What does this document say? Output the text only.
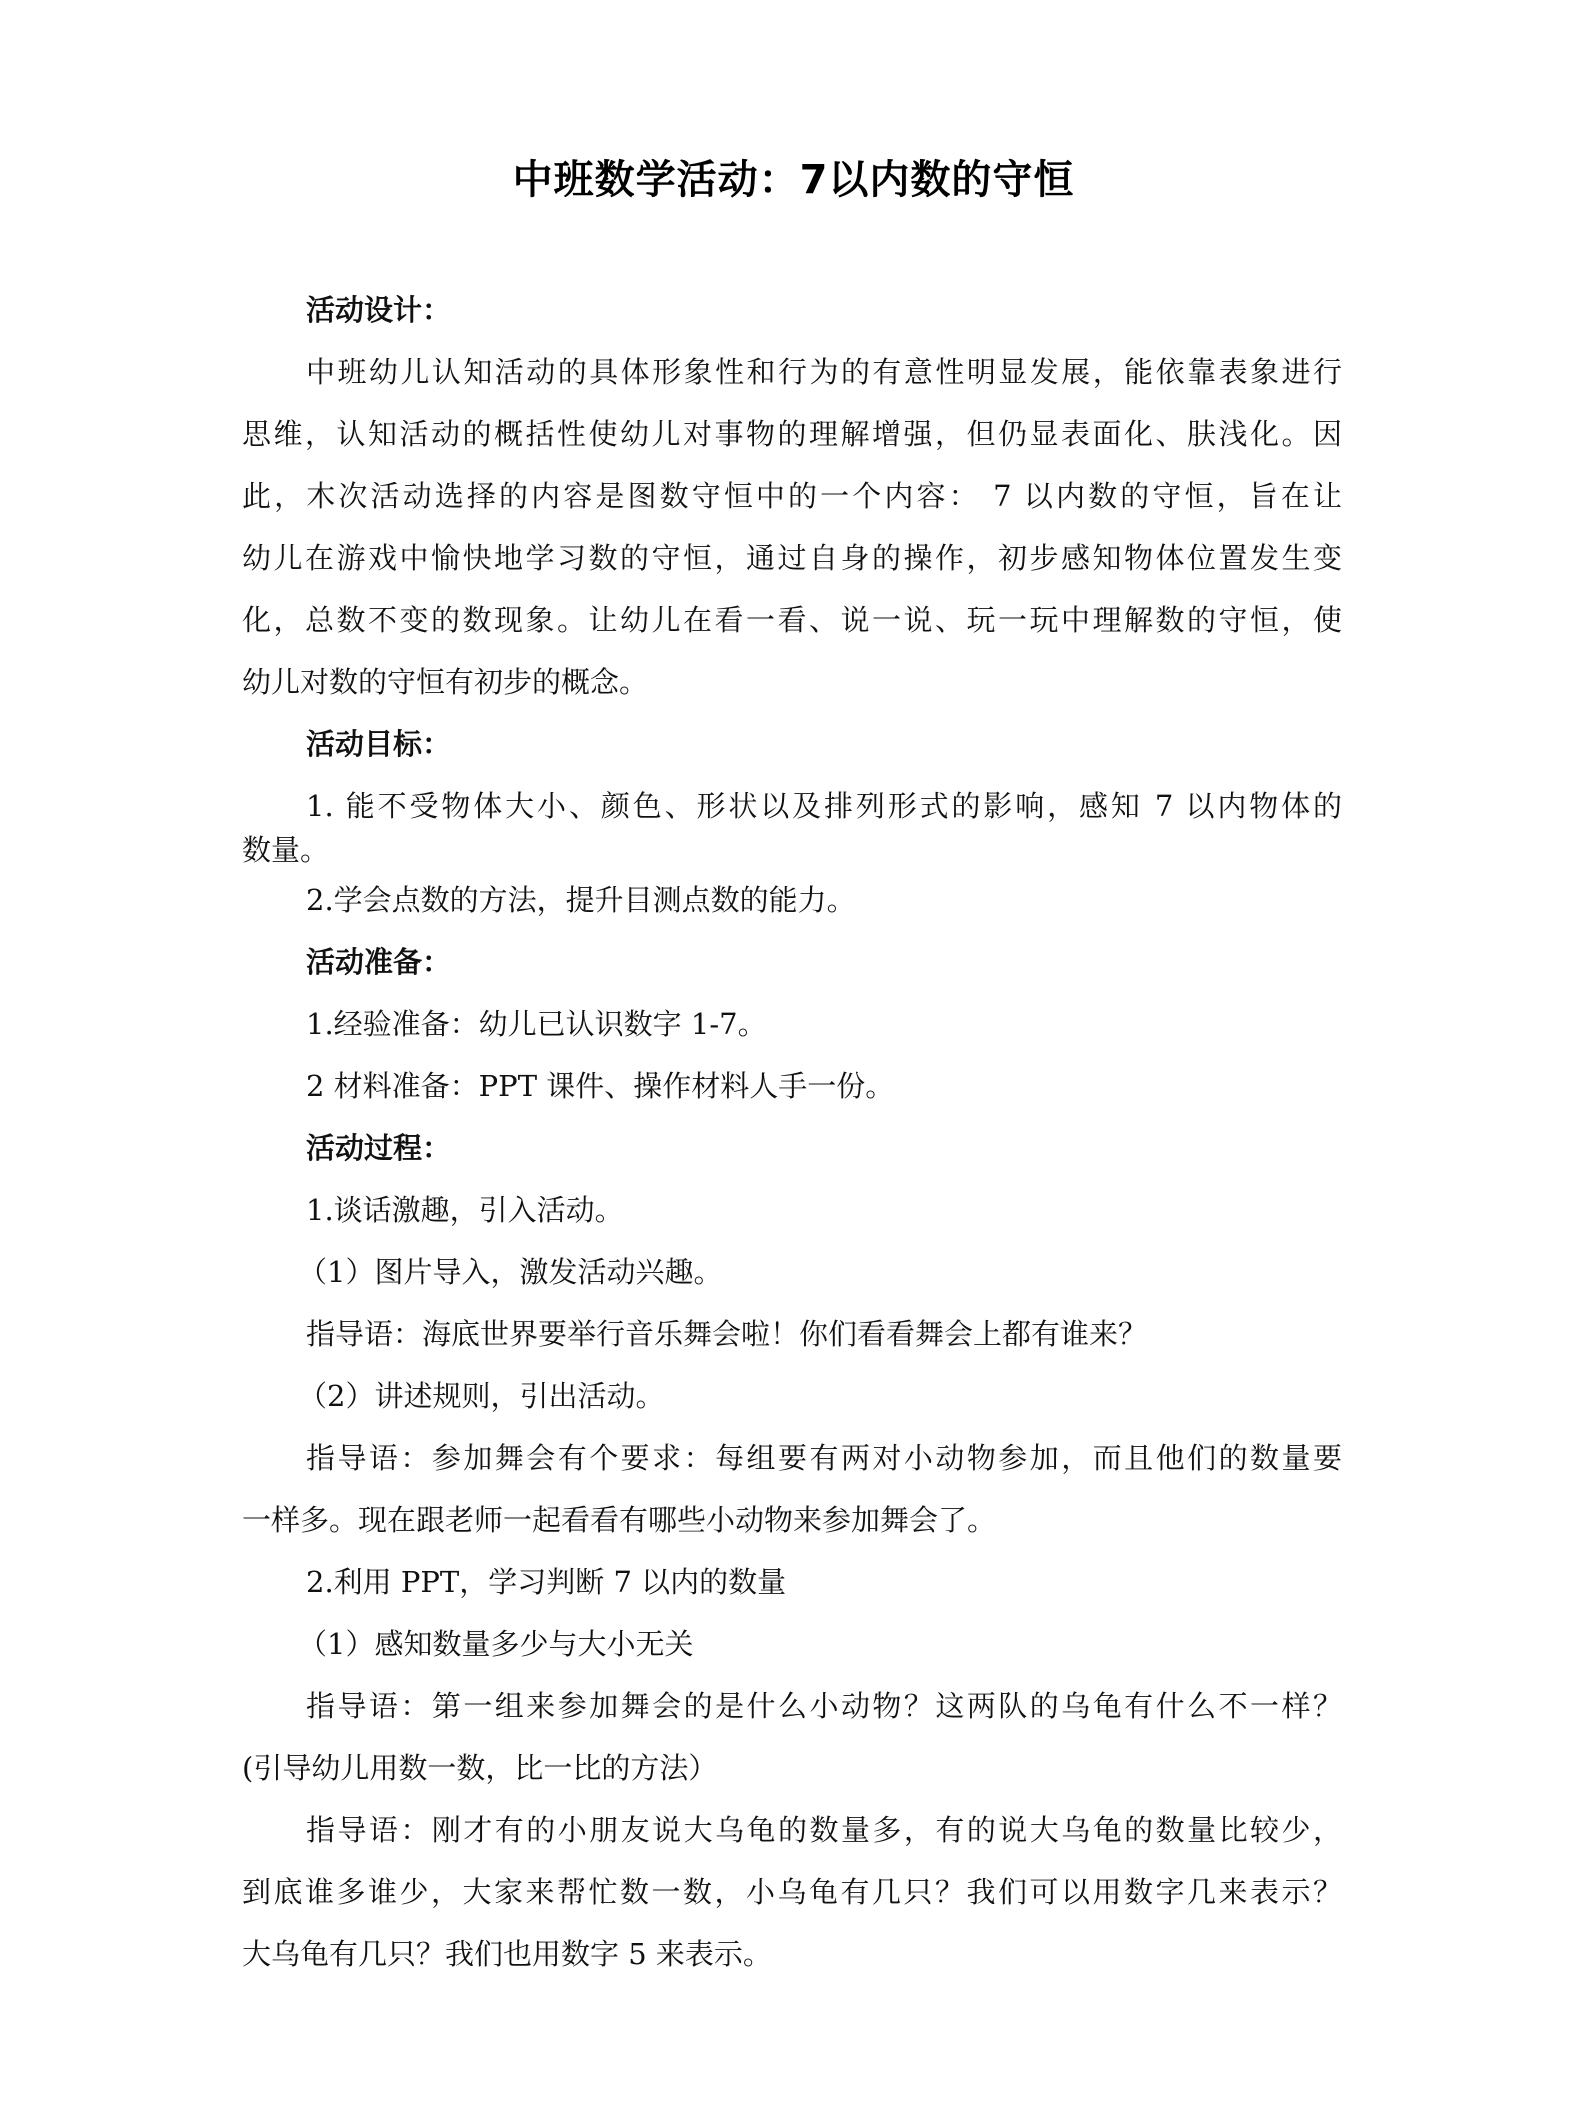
中班数学活动：7以内数的守恒
活动设计：
中班幼儿认知活动的具体形象性和行为的有意性明显发展，能依靠表象进行
思维，认知活动的概括性使幼儿对事物的理解增强，但仍显表面化、肤浅化。因
此，木次活动选择的内容是图数守恒中的一个内容： 7 以内数的守恒，旨在让
幼儿在游戏中愉快地学习数的守恒，通过自身的操作，初步感知物体位置发生变
化，总数不变的数现象。让幼儿在看一看、说一说、玩一玩中理解数的守恒，使
幼儿对数的守恒有初步的概念。
活动目标：
1. 能不受物体大小、颜色、形状以及排列形式的影响，感知 7 以内物体的
数量。
2.学会点数的方法，提升目测点数的能力。
活动准备：
1.经验准备：幼儿已认识数字 1-7。
2 材料准备：PPT 课件、操作材料人手一份。
活动过程：
1.谈话激趣，引入活动。
（1）图片导入，激发活动兴趣。
指导语：海底世界要举行音乐舞会啦！你们看看舞会上都有谁来？
（2）讲述规则，引出活动。
指导语：参加舞会有个要求：每组要有两对小动物参加，而且他们的数量要
一样多。现在跟老师一起看看有哪些小动物来参加舞会了。
2.利用 PPT，学习判断 7 以内的数量
（1）感知数量多少与大小无关
指导语：第一组来参加舞会的是什么小动物？这两队的乌龟有什么不一样？
(引导幼儿用数一数，比一比的方法）
指导语：刚才有的小朋友说大乌龟的数量多，有的说大乌龟的数量比较少，
到底谁多谁少，大家来帮忙数一数，小乌龟有几只？我们可以用数字几来表示？
大乌龟有几只？我们也用数字 5 来表示。
